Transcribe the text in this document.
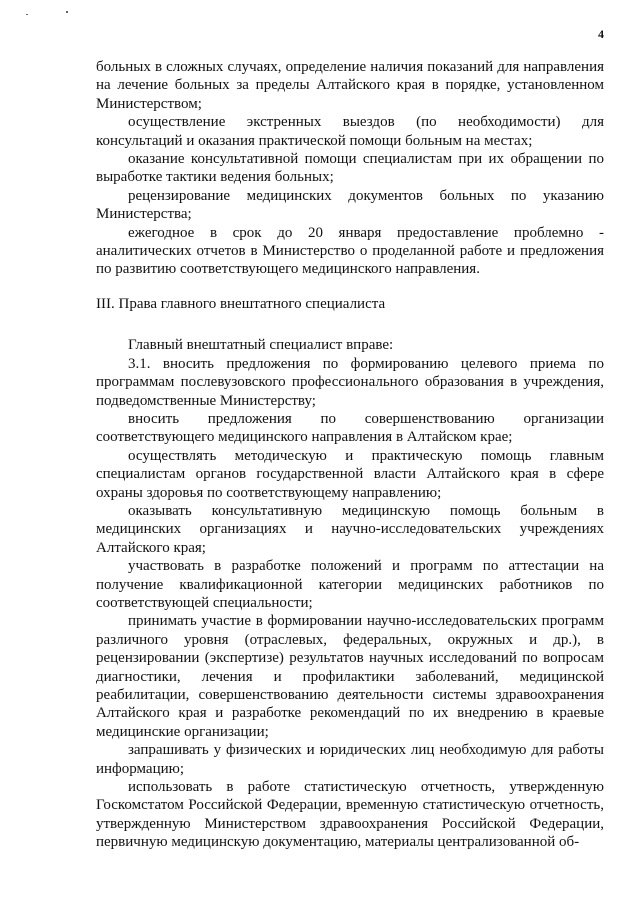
4

больных в сложных случаях, определение наличия показаний для направления на лечение больных за пределы Алтайского края в порядке, установленном Министерством;

осуществление экстренных выездов (по необходимости) для консультаций и оказания практической помощи больным на местах;

оказание консультативной помощи специалистам при их обращении по выработке тактики ведения больных;

рецензирование медицинских документов больных по указанию Министерства;

ежегодное в срок до 20 января предоставление проблемно - аналитических отчетов в Министерство о проделанной работе и предложения по развитию соответствующего медицинского направления.

III. Права главного внештатного специалиста

Главный внештатный специалист вправе:

3.1. вносить предложения по формированию целевого приема по программам послевузовского профессионального образования в учреждения, подведомственные Министерству;

вносить предложения по совершенствованию организации соответствующего медицинского направления в Алтайском крае;

осуществлять методическую и практическую помощь главным специалистам органов государственной власти Алтайского края в сфере охраны здоровья по соответствующему направлению;

оказывать консультативную медицинскую помощь больным в медицинских организациях и научно-исследовательских учреждениях Алтайского края;

участвовать в разработке положений и программ по аттестации на получение квалификационной категории медицинских работников по соответствующей специальности;

принимать участие в формировании научно-исследовательских программ различного уровня (отраслевых, федеральных, окружных и др.), в рецензировании (экспертизе) результатов научных исследований по вопросам диагностики, лечения и профилактики заболеваний, медицинской реабилитации, совершенствованию деятельности системы здравоохранения Алтайского края и разработке рекомендаций по их внедрению в краевые медицинские организации;

запрашивать у физических и юридических лиц необходимую для работы информацию;

использовать в работе статистическую отчетность, утвержденную Госкомстатом Российской Федерации, временную статистическую отчетность, утвержденную Министерством здравоохранения Российской Федерации, первичную медицинскую документацию, материалы централизованной об-
